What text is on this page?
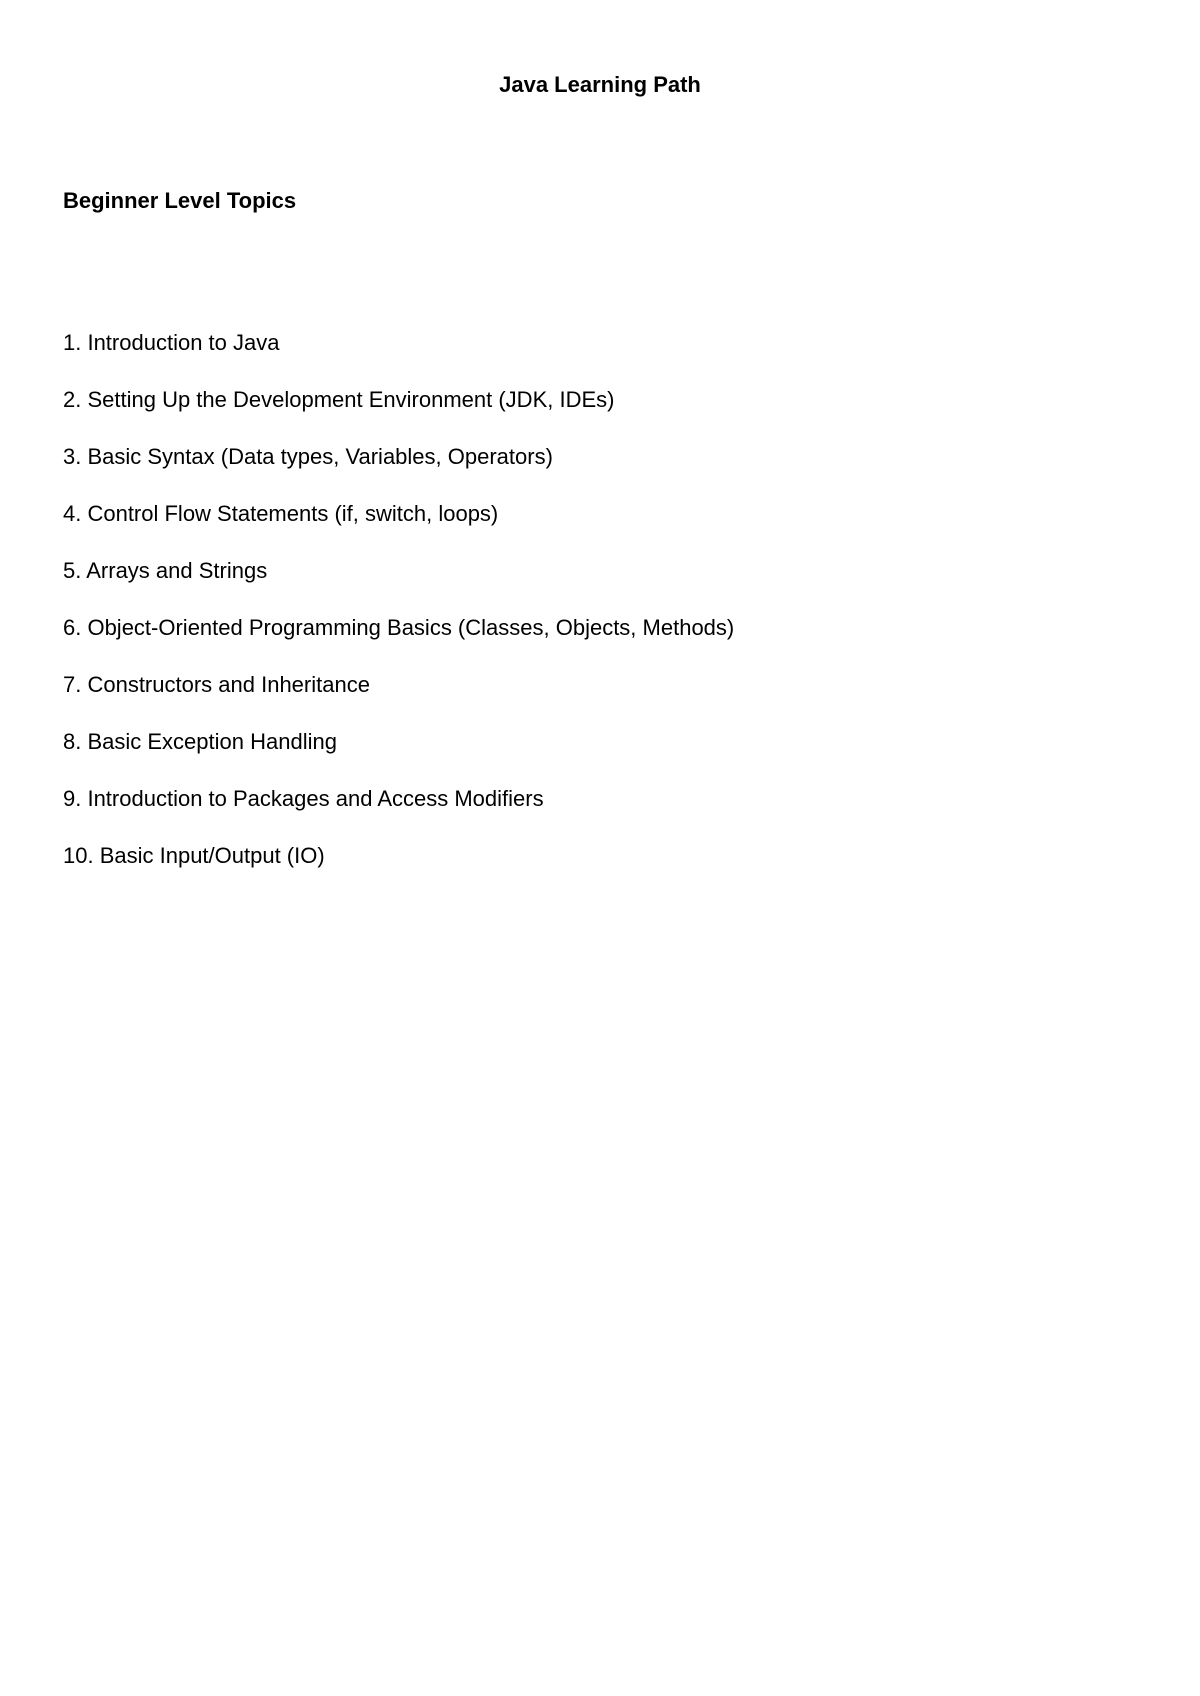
Java Learning Path
Beginner Level Topics
1. Introduction to Java
2. Setting Up the Development Environment (JDK, IDEs)
3. Basic Syntax (Data types, Variables, Operators)
4. Control Flow Statements (if, switch, loops)
5. Arrays and Strings
6. Object-Oriented Programming Basics (Classes, Objects, Methods)
7. Constructors and Inheritance
8. Basic Exception Handling
9. Introduction to Packages and Access Modifiers
10. Basic Input/Output (IO)
